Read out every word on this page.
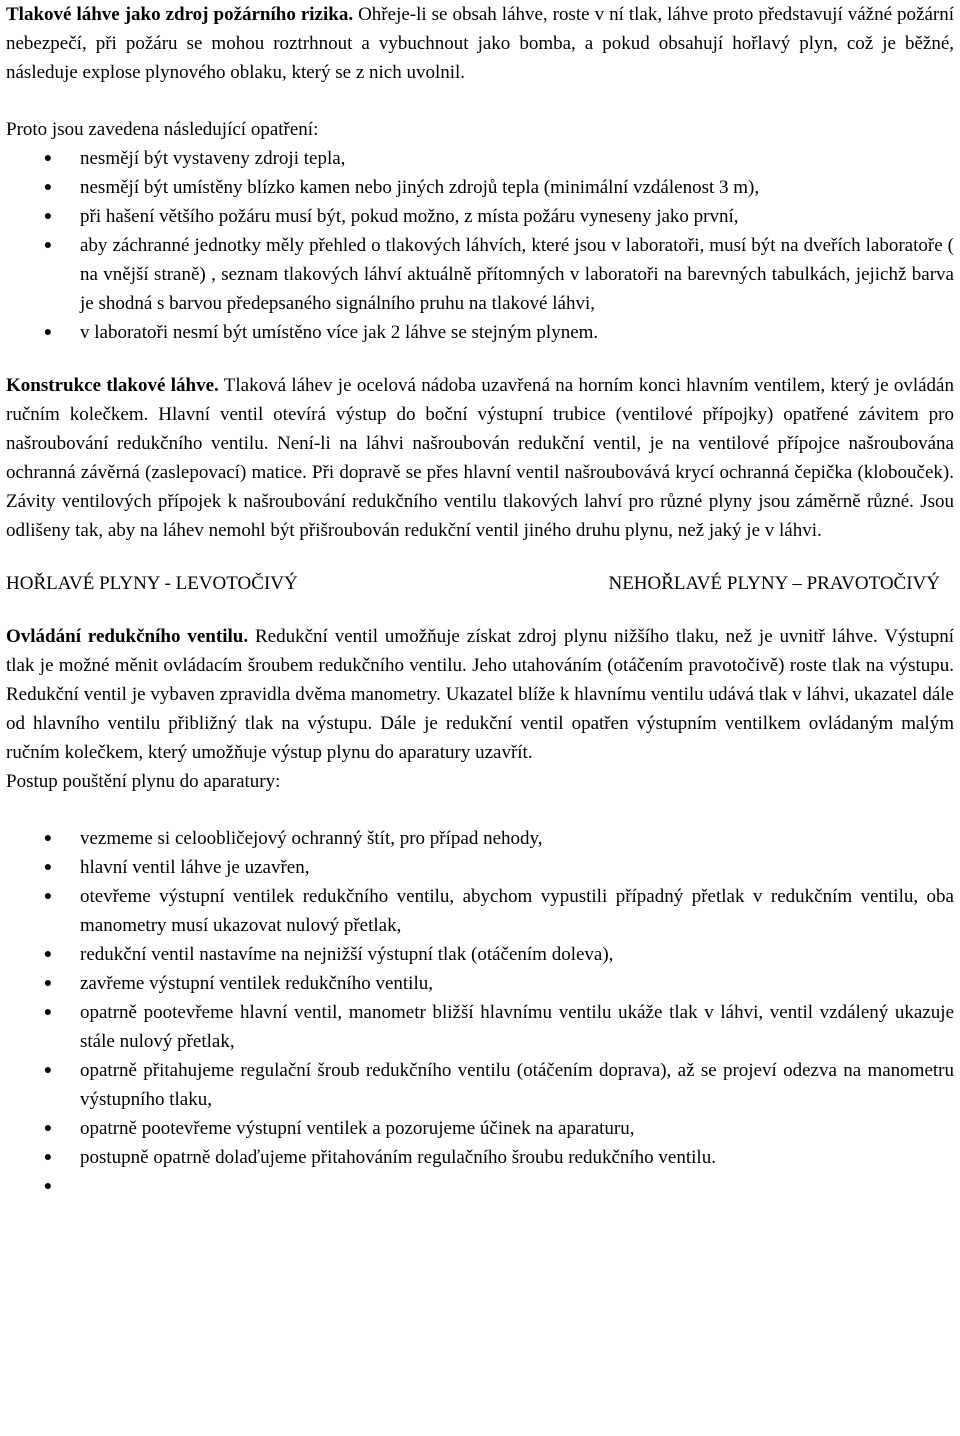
Tlakové láhve jako zdroj požárního rizika. Ohřeje-li se obsah láhve, roste v ní tlak, láhve proto představují vážné požární nebezpečí, při požáru se mohou roztrhnout a vybuchnout jako bomba, a pokud obsahují hořlavý plyn, což je běžné, následuje explose plynového oblaku, který se z nich uvolnil.

Proto jsou zavedena následující opatření:

● nesmějí být vystaveny zdroji tepla,
● nesmějí být umístěny blízko kamen nebo jiných zdrojů tepla (minimální vzdálenost 3 m),
● při hašení většího požáru musí být, pokud možno, z místa požáru vyneseny jako první,
● aby záchranné jednotky měly přehled o tlakových láhvích, které jsou v laboratoři, musí být na dveřích laboratoře ( na vnější straně) , seznam tlakových láhví aktuálně přítomných v laboratoři na barevných tabulkách, jejichž barva je shodná s barvou předepsaného signálního pruhu na tlakové láhvi,
● v laboratoři nesmí být umístěno více jak 2 láhve se stejným plynem.

Konstrukce tlakové láhve. Tlaková láhev je ocelová nádoba uzavřená na horním konci hlavním ventilem, který je ovládán ručním kolečkem. Hlavní ventil otevírá výstup do boční výstupní trubice (ventilové přípojky) opatřené závitem pro našroubování redukčního ventilu. Není-li na láhvi našroubován redukční ventil, je na ventilové přípojce našroubována ochranná závěrná (zaslepovací) matice. Při dopravě se přes hlavní ventil našroubovává krycí ochranná čepička (klobouček). Závity ventilových přípojek k našroubování redukčního ventilu tlakových lahví pro různé plyny jsou záměrně různé. Jsou odlišeny tak, aby na láhev nemohl být přišroubován redukční ventil jiného druhu plynu, než jaký je v láhvi.

HOŘLAVÉ PLYNY - LEVOTOČIVÝ	NEHOŘLAVÉ PLYNY – PRAVOTOČIVÝ

Ovládání redukčního ventilu. Redukční ventil umožňuje získat zdroj plynu nižšího tlaku, než je uvnitř láhve. Výstupní tlak je možné měnit ovládacím šroubem redukčního ventilu. Jeho utahováním (otáčením pravotočivě) roste tlak na výstupu. Redukční ventil je vybaven zpravidla dvěma manometry. Ukazatel blíže k hlavnímu ventilu udává tlak v láhvi, ukazatel dále od hlavního ventilu přibližný tlak na výstupu. Dále je redukční ventil opatřen výstupním ventilkem ovládaným malým ručním kolečkem, který umožňuje výstup plynu do aparatury uzavřít.

Postup pouštění plynu do aparatury:

● vezmeme si celoobličejový ochranný štít, pro případ nehody,
● hlavní ventil láhve je uzavřen,
● otevřeme výstupní ventilek redukčního ventilu, abychom vypustili případný přetlak v redukčním ventilu, oba manometry musí ukazovat nulový přetlak,
● redukční ventil nastavíme na nejnižší výstupní tlak (otáčením doleva),
● zavřeme výstupní ventilek redukčního ventilu,
● opatrně pootevřeme hlavní ventil, manometr bližší hlavnímu ventilu ukáže tlak v láhvi, ventil vzdálený ukazuje stále nulový přetlak,
● opatrně přitahujeme regulační šroub redukčního ventilu (otáčením doprava), až se projeví odezva na manometru výstupního tlaku,
● opatrně pootevřeme výstupní ventilek a pozorujeme účinek na aparaturu,
● postupně opatrně dolaďujeme přitahováním regulačního šroubu redukčního ventilu.
●
